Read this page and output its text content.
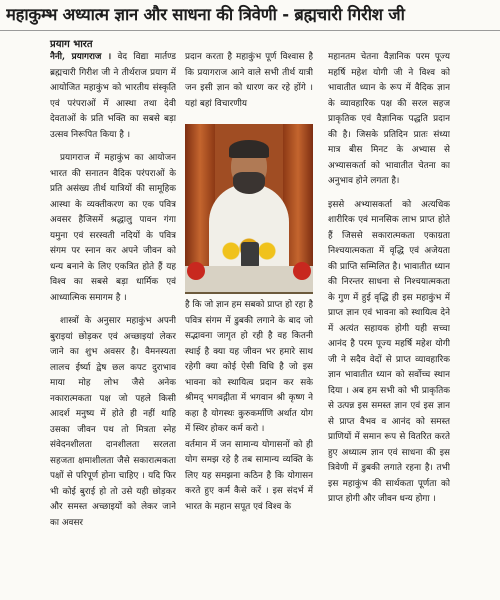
महाकुम्भ अध्यात्म ज्ञान और साधना की त्रिवेणी - ब्रह्मचारी गिरीश जी
प्रयाग भारत

नैनी, प्रयागराज । वेद विद्या मार्तण्ड ब्रह्मचारी गिरीश जी ने तीर्थराज प्रयाग में आयोजित महाकुंभ को भारतीय संस्कृति एवं परंपराओं में आस्था तथा देवी देवताओं के प्रति भक्ति का सबसे बड़ा उत्सव निरूपित किया है ।

प्रयागराज में महाकुंभ का आयोजन भारत की सनातन वैदिक परंपराओं के प्रति असंख्य तीर्थ यात्रियों की सामूहिक आस्था के व्यक्तीकरण का एक पवित्र अवसर हैजिसमें श्रद्धालु पावन गंगा यमुना एवं सरस्वती नदियों के पवित्र संगम पर स्नान कर अपने जीवन को धन्य बनाने के लिए एकत्रित होते हैं यह विश्व का सबसे बड़ा धार्मिक एवं आध्यात्मिक समागम है ।

शास्त्रों के अनुसार महाकुंभ अपनी बुराइयां छोड़कर एवं अच्छाइयां लेकर जाने का शुभ अवसर है। वैमनस्यता लालच ईर्ष्या द्वेष छल कपट दुराभाव माया मोह लोभ जैसे अनेक नकारात्मकता पक्ष जो पहले किसी आदर्श मनुष्य में होते ही नहीं थाहि उसका जीवन पथ तो मित्रता स्नेह संवेदनशीलता दानशीलता सरलता सहजता क्षमाशीलता जैसे सकारात्मकता पक्षों से परिपूर्ण होना चाहिए । यदि फिर भी कोई बुराई हो तो उसे यही छोड़कर और समस्त अच्छाइयों को लेकर जाने का अवसर

प्रदान करता है महाकुंभ पूर्ण विश्वास है कि प्रयागराज आने वाले सभी तीर्थ यात्री जन इसी ज्ञान को धारण कर रहे होंगे । यहां बहां विचारणीय

है कि जो ज्ञान हम सबको प्राप्त हो रहा है पवित्र संगम में डुबकी लगाने के बाद जो सद्भावना जागृत हो रही है वह कितनी स्थाई है क्या यह जीवन भर हमारे साथ रहेगी क्या कोई ऐसी विधि है जो इस भावना को स्थायित्व प्रदान कर सके श्रीमद् भगवद्गीता में भगवान श्री कृष्ण ने कहा है योगस्थः कुरुकर्माणि अर्थात योग में स्थिर होकर कर्म करो ।
वर्तमान में जन सामान्य योगासनों को ही योग समझ रहे है तब सामान्य व्यक्ति के लिए यह समझना कठिन है कि योगासन करते हुए कर्म कैसे करें । इस संदर्भ में भारत के महान सपूत एवं विश्व के

महानतम चेतना वैज्ञानिक परम पूज्य महर्षि महेश योगी जी ने विश्व को भावातीत ध्यान के रूप में वैदिक ज्ञान के व्यावहारिक पक्ष की सरल सहज प्राकृतिक एवं वैज्ञानिक पद्धति प्रदान की है। जिसके प्रतिदिन प्रातः संध्या मात्र बीस मिनट के अभ्यास से अभ्यासकर्ता को भावातीत चेतना का अनुभाव होने लगता है।

इससे अभ्यासकर्ता को अत्यधिक शारीरिक एवं मानसिक लाभ प्राप्त होते हैं जिससे सकारात्मकता एकाग्रता निश्चयात्मकता में वृद्धि एवं अजेयता की प्राप्ति सम्मिलित है। भावातीत ध्यान की निरन्तर साधना से निश्चयात्मकता के गुण में हुई वृद्धि ही इस महाकुंभ में प्राप्त ज्ञान एवं भावना को स्थायित्व देने में अत्यंत सहायक होगी यही सच्चा आनंद है परम पूज्य महर्षि महेश योगी जी ने सदैव वेदों से प्राप्त व्यावहारिक ज्ञान भावातीत ध्यान को सर्वोच्च स्थान दिया । अब हम सभी को भी प्राकृतिक से उत्पन्न इस समस्त ज्ञान एवं इस ज्ञान से प्राप्त वैभव व आनंद को समस्त प्राणियों में समान रूप से वितरित करते हुए अध्यात्म ज्ञान एवं साधना की इस त्रिवेणी में डुबकी लगाते रहना है। तभी इस महाकुंभ की सार्थकता पूर्णता को प्राप्त होगी और जीवन धन्य होगा ।
